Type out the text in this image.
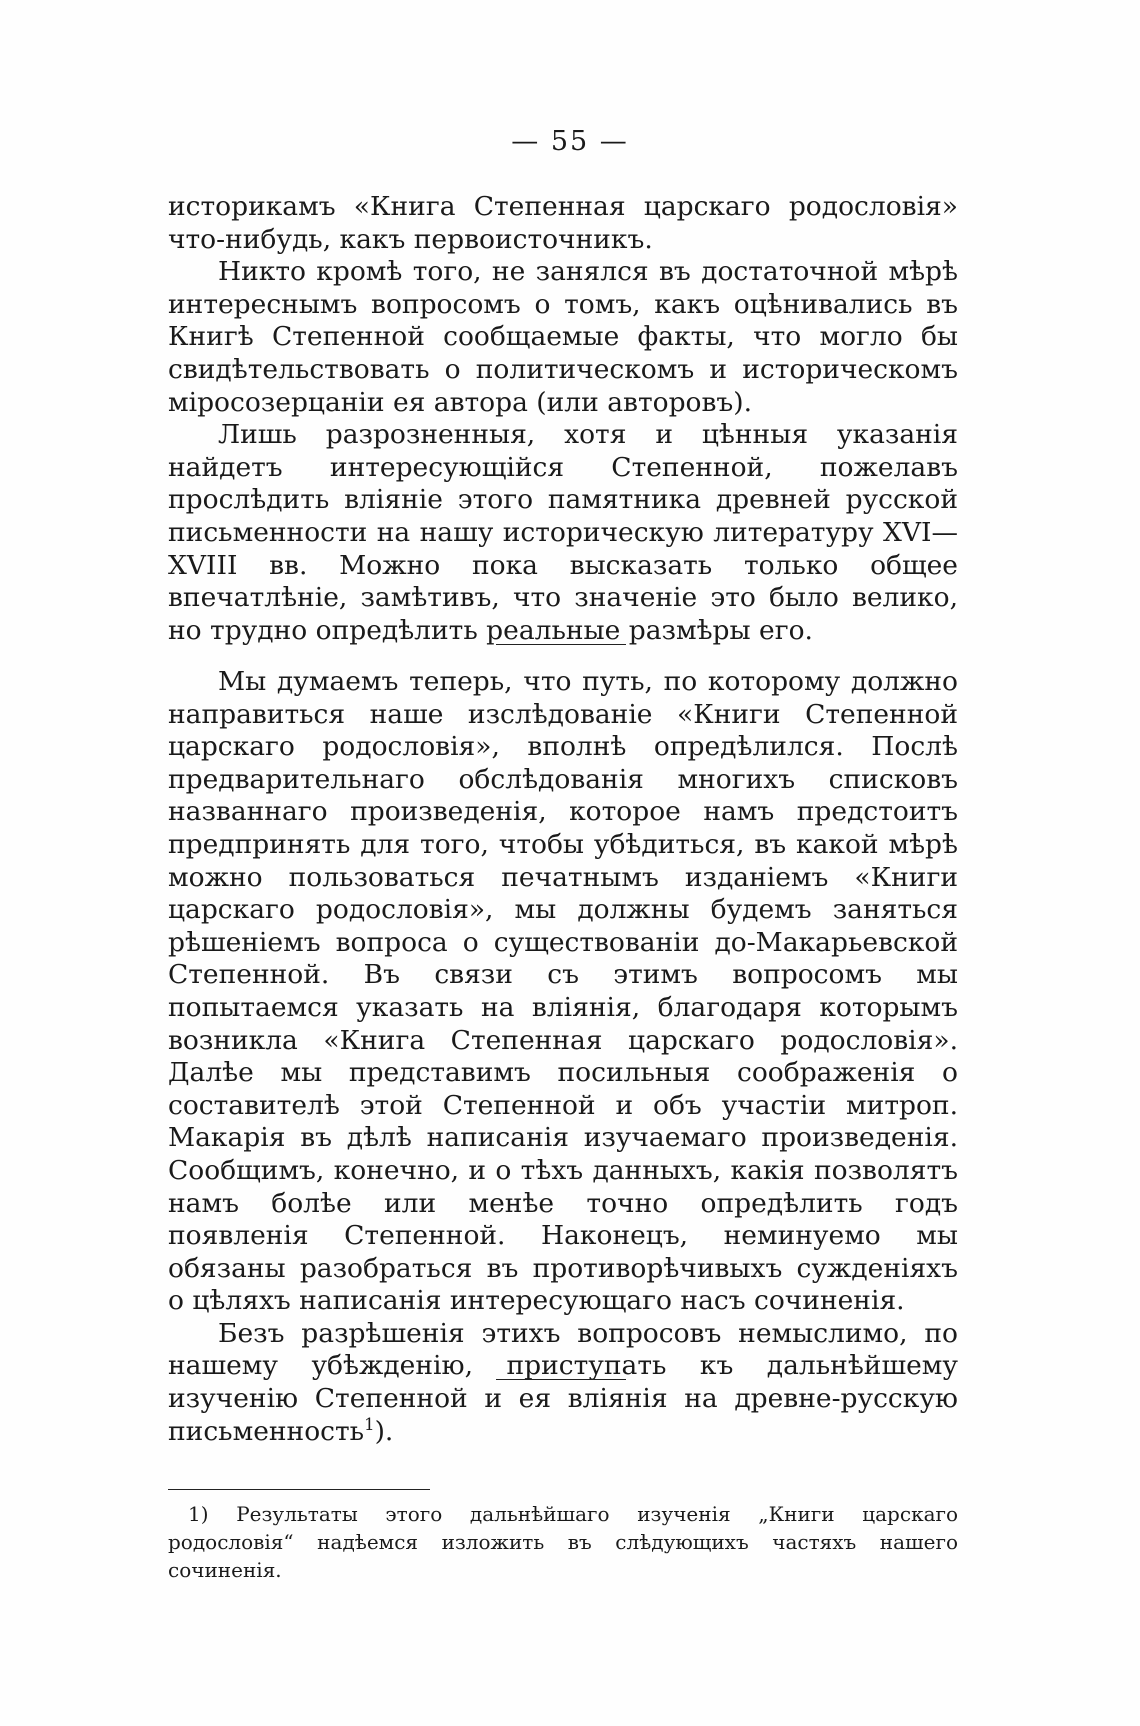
— 55 —

историкамъ «Книга Степенная царскаго родословія» что-нибудь, какъ первоисточникъ.

Никто кромѣ того, не занялся въ достаточной мѣрѣ интереснымъ вопросомъ о томъ, какъ оцѣнивались въ Книгѣ Степенной сообщаемые факты, что могло бы свидѣтельствовать о политическомъ и историческомъ міросозерцаніи ея автора (или авторовъ).

Лишь разрозненныя, хотя и цѣнныя указанія найдетъ интересующійся Степенной, пожелавъ прослѣдить вліяніе этого памятника древней русской письменности на нашу историческую литературу XVI—XVIII вв. Можно пока высказать только общее впечатлѣніе, замѣтивъ, что значеніе это было велико, но трудно опредѣлить реальные размѣры его.

Мы думаемъ теперь, что путь, по которому должно направиться наше изслѣдованіе «Книги Степенной царскаго родословія», вполнѣ опредѣлился. Послѣ предварительнаго обслѣдованія многихъ списковъ названнаго произведенія, которое намъ предстоитъ предпринять для того, чтобы убѣдиться, въ какой мѣрѣ можно пользоваться печатнымъ изданіемъ «Книги царскаго родословія», мы должны будемъ заняться рѣшеніемъ вопроса о существованіи до-Макарьевской Степенной. Въ связи съ этимъ вопросомъ мы попытаемся указать на вліянія, благодаря которымъ возникла «Книга Степенная царскаго родословія». Далѣе мы представимъ посильныя соображенія о составителѣ этой Степенной и объ участіи митроп. Макарія въ дѣлѣ написанія изучаемаго произведенія. Сообщимъ, конечно, и о тѣхъ данныхъ, какія позволятъ намъ болѣе или менѣе точно опредѣлить годъ появленія Степенной. Наконецъ, неминуемо мы обязаны разобраться въ противорѣчивыхъ сужденіяхъ о цѣляхъ написанія интересующаго насъ сочиненія.

Безъ разрѣшенія этихъ вопросовъ немыслимо, по нашему убѣжденію, приступать къ дальнѣйшему изученію Степенной и ея вліянія на древне-русскую письменность$^1$).

1) Результаты этого дальнѣйшаго изученія „Книги царскаго родословія“ надѣемся изложить въ слѣдующихъ частяхъ нашего сочиненія.
